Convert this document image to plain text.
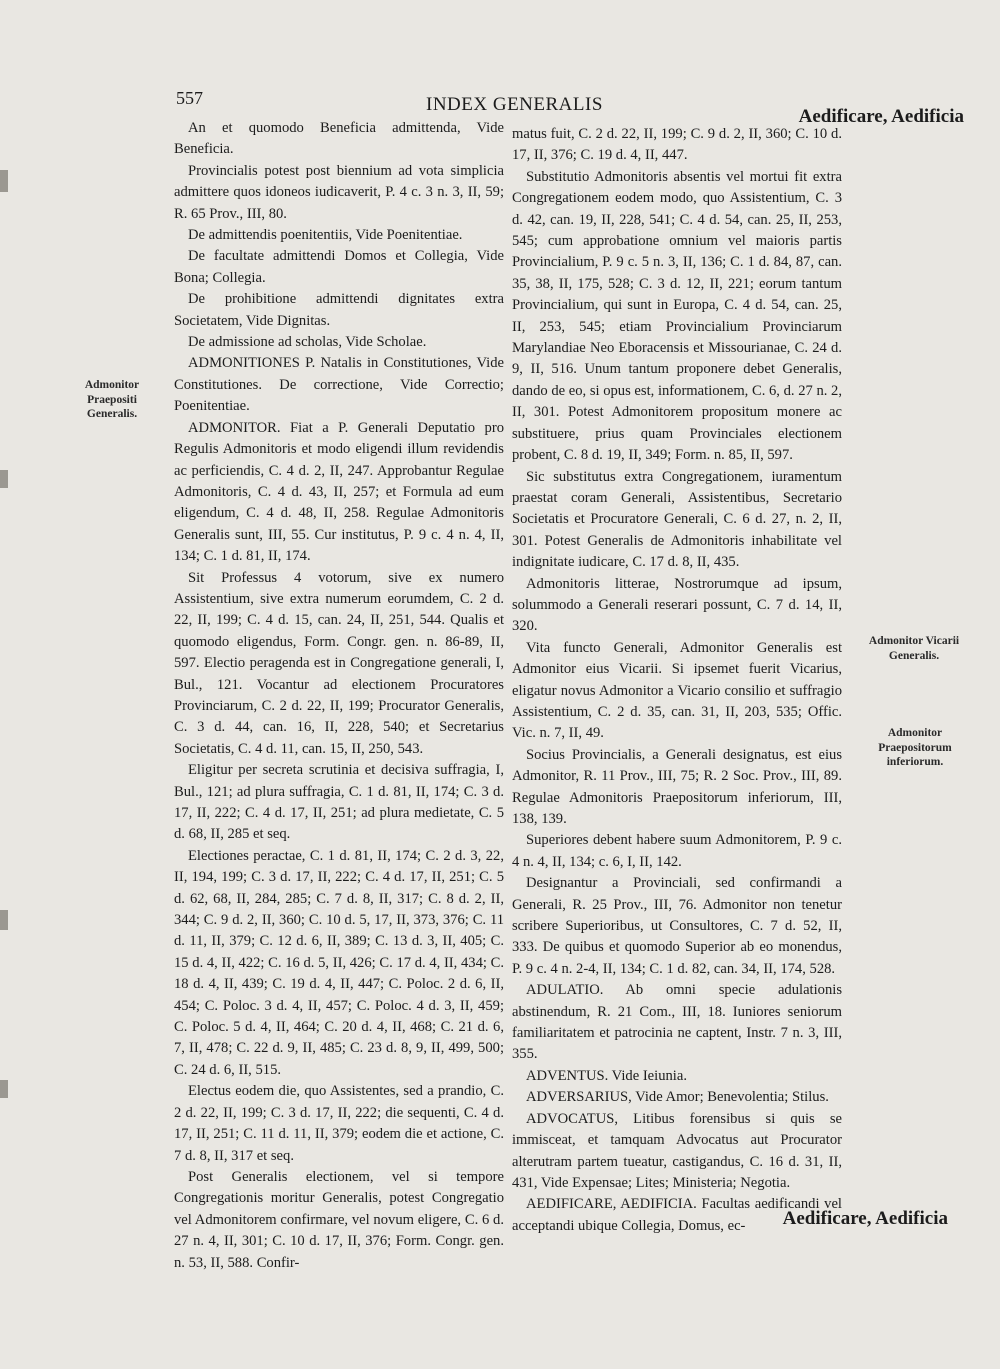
557	INDEX GENERALIS
Aedificare, Aedificia
Admonitor Praepositi Generalis.
Admonitor Vicarii Generalis.
Admonitor Praepositorum inferiorum.

An et quomodo Beneficia admittenda, Vide Beneficia.

Provincialis potest post biennium ad vota simplicia admittere quos idoneos iudicaverit, P. 4 c. 3 n. 3, II, 59; R. 65 Prov., III, 80.

De admittendis poenitentiis, Vide Poenitentiae.

De facultate admittendi Domos et Collegia, Vide Bona; Collegia.

De prohibitione admittendi dignitates extra Societatem, Vide Dignitas.

De admissione ad scholas, Vide Scholae.

ADMONITIONES P. Natalis in Constitutiones, Vide Constitutiones. De correctione, Vide Correctio; Poenitentiae.

ADMONITOR. Fiat a P. Generali Deputatio pro Regulis Admonitoris et modo eligendi illum revidendis ac perficiendis, C. 4 d. 2, II, 247. Approbantur Regulae Admonitoris, C. 4 d. 43, II, 257; et Formula ad eum eligendum, C. 4 d. 48, II, 258. Regulae Admonitoris Generalis sunt, III, 55. Cur institutus, P. 9 c. 4 n. 4, II, 134; C. 1 d. 81, II, 174.

Sit Professus 4 votorum, sive ex numero Assistentium, sive extra numerum eorumdem, C. 2 d. 22, II, 199; C. 4 d. 15, can. 24, II, 251, 544. Qualis et quomodo eligendus, Form. Congr. gen. n. 86-89, II, 597. Electio peragenda est in Congregatione generali, I, Bul., 121. Vocantur ad electionem Procuratores Provinciarum, C. 2 d. 22, II, 199; Procurator Generalis, C. 3 d. 44, can. 16, II, 228, 540; et Secretarius Societatis, C. 4 d. 11, can. 15, II, 250, 543.

Eligitur per secreta scrutinia et decisiva suffragia, I, Bul., 121; ad plura suffragia, C. 1 d. 81, II, 174; C. 3 d. 17, II, 222; C. 4 d. 17, II, 251; ad plura medietate, C. 5 d. 68, II, 285 et seq.

Electiones peractae, C. 1 d. 81, II, 174; C. 2 d. 3, 22, II, 194, 199; C. 3 d. 17, II, 222; C. 4 d. 17, II, 251; C. 5 d. 62, 68, II, 284, 285; C. 7 d. 8, II, 317; C. 8 d. 2, II, 344; C. 9 d. 2, II, 360; C. 10 d. 5, 17, II, 373, 376; C. 11 d. 11, II, 379; C. 12 d. 6, II, 389; C. 13 d. 3, II, 405; C. 15 d. 4, II, 422; C. 16 d. 5, II, 426; C. 17 d. 4, II, 434; C. 18 d. 4, II, 439; C. 19 d. 4, II, 447; C. Poloc. 2 d. 6, II, 454; C. Poloc. 3 d. 4, II, 457; C. Poloc. 4 d. 3, II, 459; C. Poloc. 5 d. 4, II, 464; C. 20 d. 4, II, 468; C. 21 d. 6, 7, II, 478; C. 22 d. 9, II, 485; C. 23 d. 8, 9, II, 499, 500; C. 24 d. 6, II, 515.

Electus eodem die, quo Assistentes, sed a prandio, C. 2 d. 22, II, 199; C. 3 d. 17, II, 222; die sequenti, C. 4 d. 17, II, 251; C. 11 d. 11, II, 379; eodem die et actione, C. 7 d. 8, II, 317 et seq.

Post Generalis electionem, vel si tempore Congregationis moritur Generalis, potest Congregatio vel Admonitorem confirmare, vel novum eligere, C. 6 d. 27 n. 4, II, 301; C. 10 d. 17, II, 376; Form. Congr. gen. n. 53, II, 588. Confir-

matus fuit, C. 2 d. 22, II, 199; C. 9 d. 2, II, 360; C. 10 d. 17, II, 376; C. 19 d. 4, II, 447.

Substitutio Admonitoris absentis vel mortui fit extra Congregationem eodem modo, quo Assistentium, C. 3 d. 42, can. 19, II, 228, 541; C. 4 d. 54, can. 25, II, 253, 545; cum approbatione omnium vel maioris partis Provincialium, P. 9 c. 5 n. 3, II, 136; C. 1 d. 84, 87, can. 35, 38, II, 175, 528; C. 3 d. 12, II, 221; eorum tantum Provincialium, qui sunt in Europa, C. 4 d. 54, can. 25, II, 253, 545; etiam Provincialium Provinciarum Marylandiae Neo Eboracensis et Missourianae, C. 24 d. 9, II, 516. Unum tantum proponere debet Generalis, dando de eo, si opus est, informationem, C. 6, d. 27 n. 2, II, 301. Potest Admonitorem propositum monere ac substituere, prius quam Provinciales electionem probent, C. 8 d. 19, II, 349; Form. n. 85, II, 597.

Sic substitutus extra Congregationem, iuramentum praestat coram Generali, Assistentibus, Secretario Societatis et Procuratore Generali, C. 6 d. 27, n. 2, II, 301. Potest Generalis de Admonitoris inhabilitate vel indignitate iudicare, C. 17 d. 8, II, 435.

Admonitoris litterae, Nostrorumque ad ipsum, solummodo a Generali reserari possunt, C. 7 d. 14, II, 320.

Vita functo Generali, Admonitor Generalis est Admonitor eius Vicarii. Si ipsemet fuerit Vicarius, eligatur novus Admonitor a Vicario consilio et suffragio Assistentium, C. 2 d. 35, can. 31, II, 203, 535; Offic. Vic. n. 7, II, 49.

Socius Provincialis, a Generali designatus, est eius Admonitor, R. 11 Prov., III, 75; R. 2 Soc. Prov., III, 89. Regulae Admonitoris Praepositorum inferiorum, III, 138, 139.

Superiores debent habere suum Admonitorem, P. 9 c. 4 n. 4, II, 134; c. 6, I, II, 142.

Designantur a Provinciali, sed confirmandi a Generali, R. 25 Prov., III, 76. Admonitor non tenetur scribere Superioribus, ut Consultores, C. 7 d. 52, II, 333. De quibus et quomodo Superior ab eo monendus, P. 9 c. 4 n. 2-4, II, 134; C. 1 d. 82, can. 34, II, 174, 528.

ADULATIO. Ab omni specie adulationis abstinendum, R. 21 Com., III, 18. Iuniores seniorum familiaritatem et patrocinia ne captent, Instr. 7 n. 3, III, 355.

ADVENTUS. Vide Ieiunia.

ADVERSARIUS, Vide Amor; Benevolentia; Stilus.

ADVOCATUS, Litibus forensibus si quis se immisceat, et tamquam Advocatus aut Procurator alterutram partem tueatur, castigandus, C. 16 d. 31, II, 431, Vide Expensae; Lites; Ministeria; Negotia.

AEDIFICARE, AEDIFICIA. Facultas aedificandi vel acceptandi ubique Collegia, Domus, ec-	Aedificare, Aedificia
